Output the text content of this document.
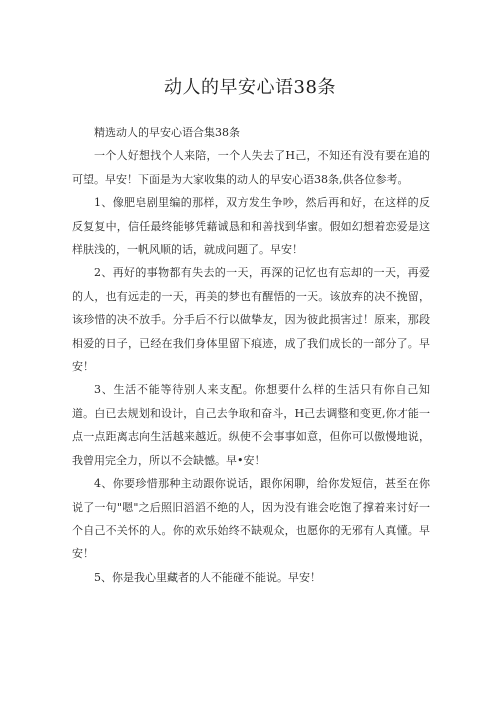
动人的早安心语38条

精选动人的早安心语合集38条

一个人好想找个人来陪，一个人失去了H己，不知还有没有要在追的可望。早安！下面是为大家收集的动人的早安心语38条,供各位参考。

1、像肥皂剧里编的那样，双方发生争吵，然后再和好，在这样的反反复复中，信任最终能够凭藉诚恳和和善找到华蜜。假如幻想着恋爱是这样肤浅的，一帆风顺的话，就成问题了。早安！

2、再好的事物都有失去的一天，再深的记忆也有忘却的一天，再爱的人，也有远走的一天，再美的梦也有醒悟的一天。该放弃的决不挽留，该珍惜的决不放手。分手后不行以做挚友，因为彼此损害过！原来，那段相爱的日子，已经在我们身体里留下痕迹，成了我们成长的一部分了。早安！

3、生活不能等待别人来支配。你想要什么样的生活只有你自己知道。白已去规划和设计，自己去争取和奋斗，H己去调整和变更,你才能一点一点距离志向生活越来越近。纵使不会事事如意，但你可以傲慢地说，我曾用完全力，所以不会缺憾。早•安！

4、你要珍惜那种主动跟你说话，跟你闲聊，给你发短信，甚至在你说了一句"嗯"之后照旧滔滔不绝的人，因为没有谁会吃饱了撑着来讨好一个自己不关怀的人。你的欢乐始终不缺观众，也愿你的无邪有人真懂。早安！

5、你是我心里藏者的人不能碰不能说。早安！
